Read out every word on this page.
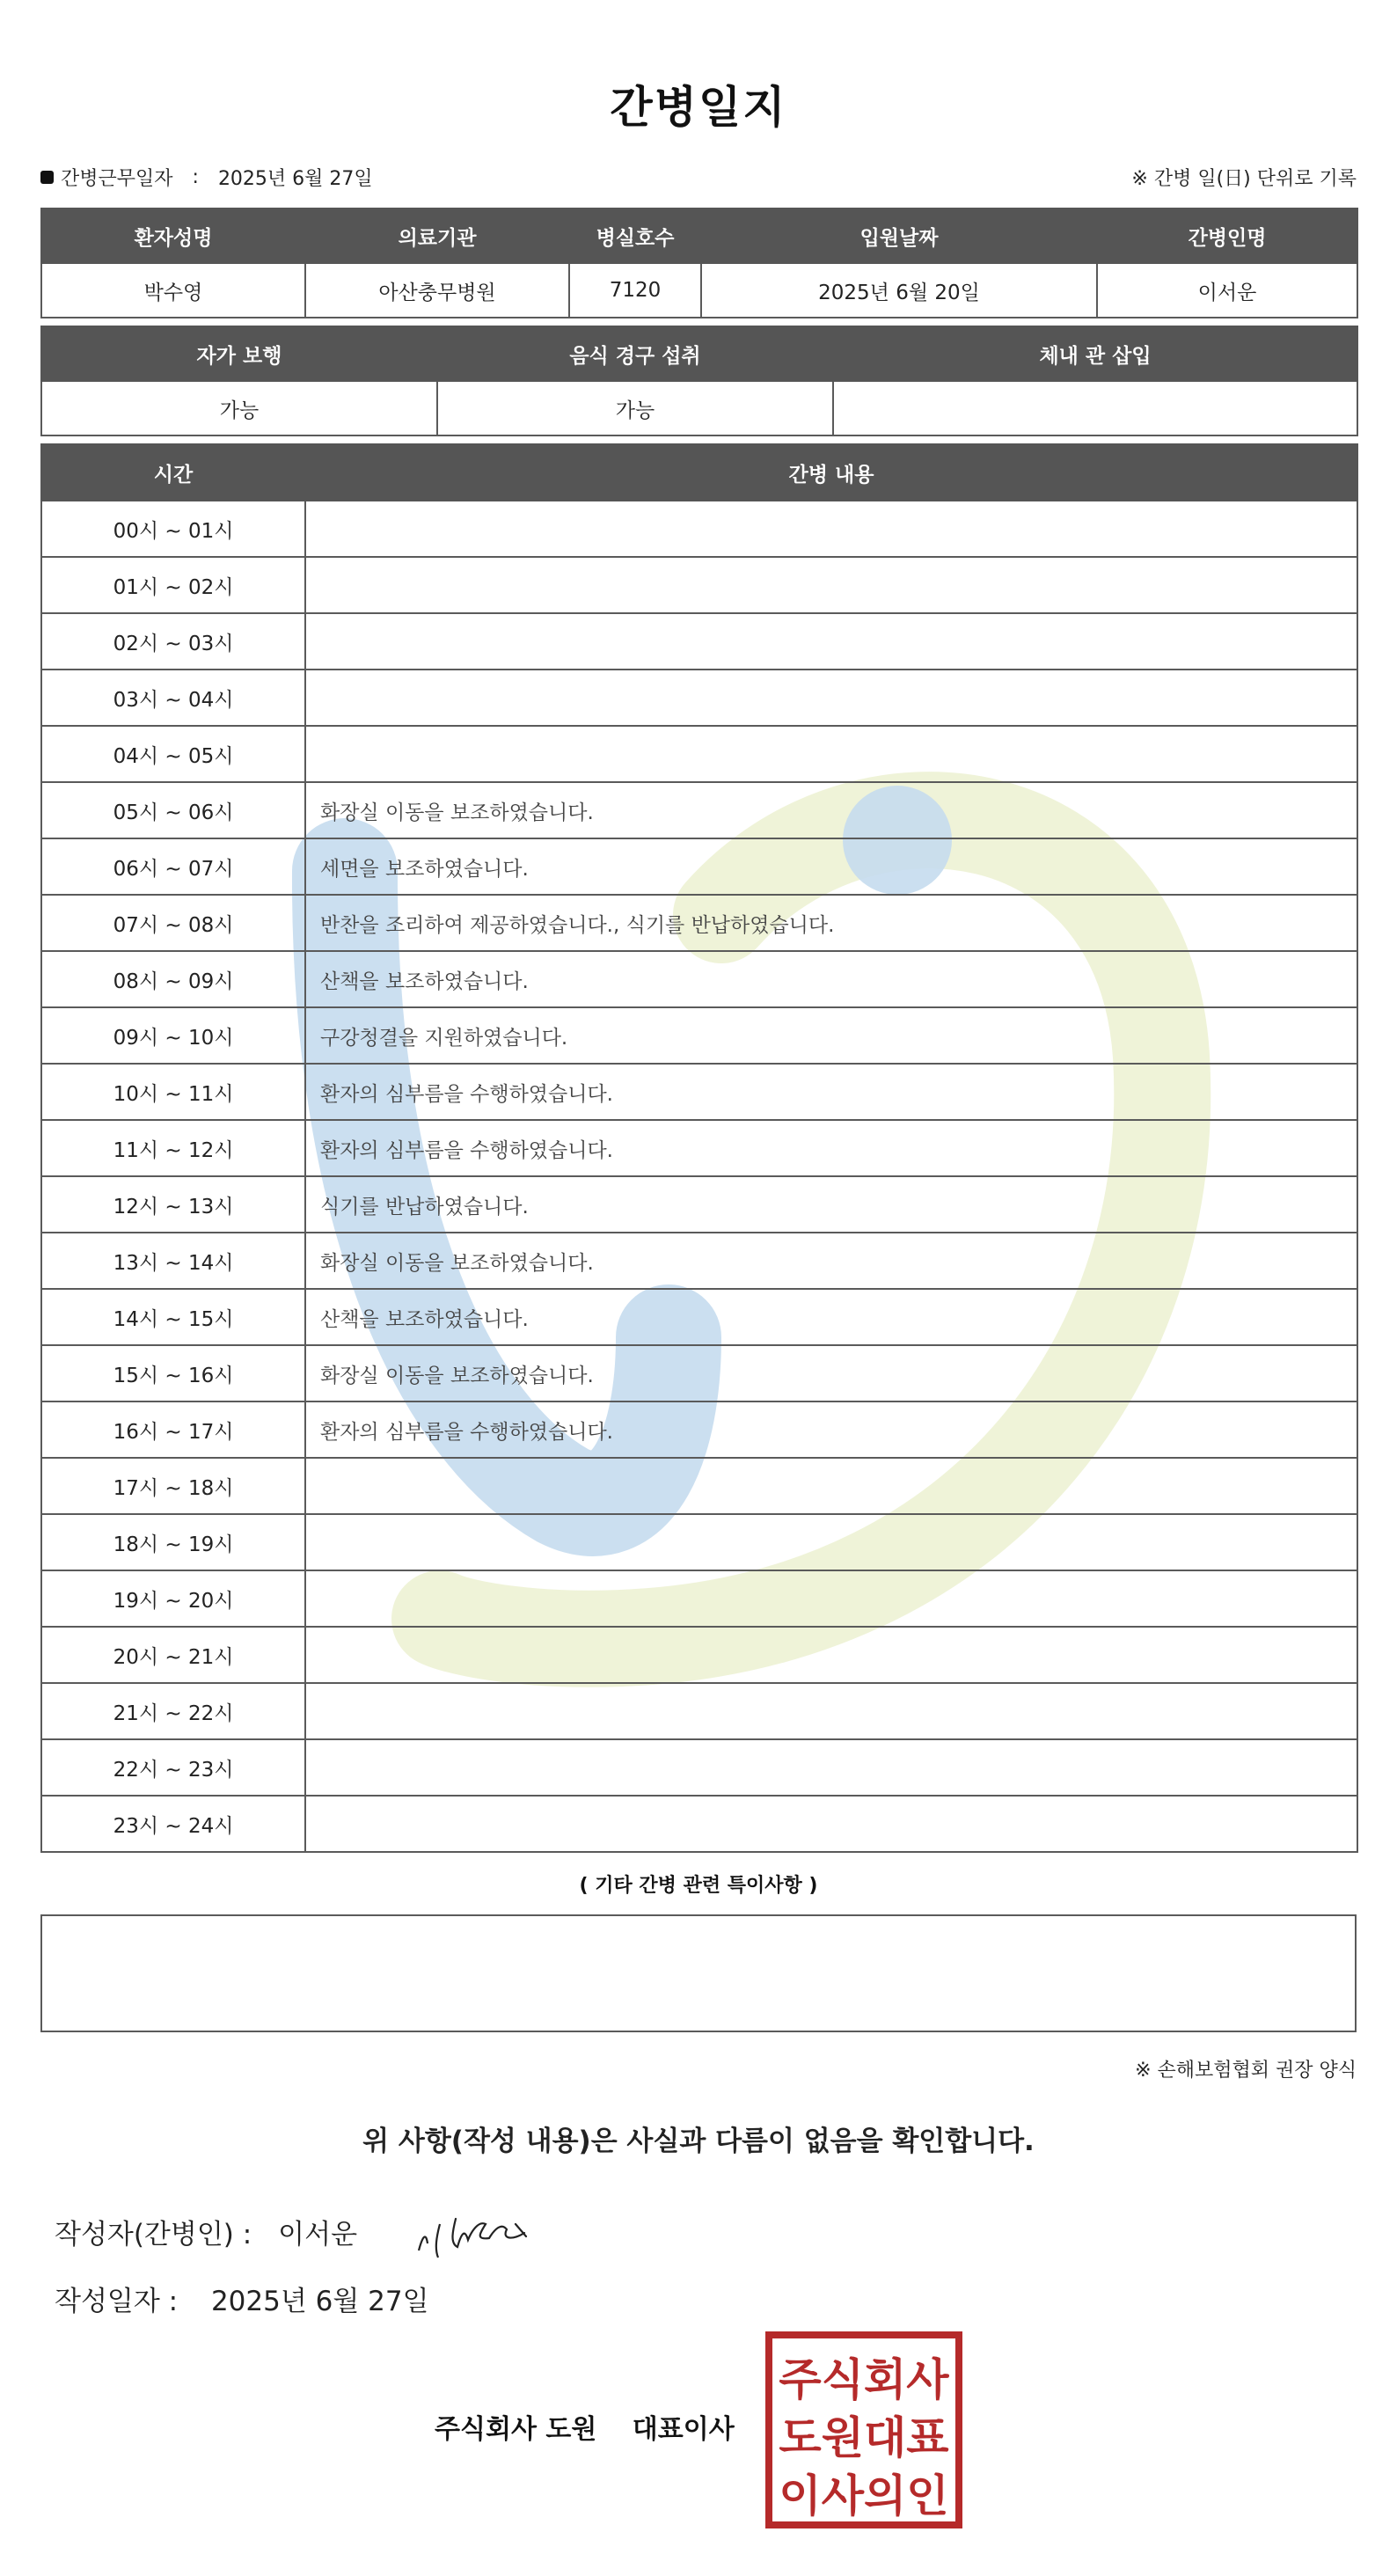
간병일지
간병근무일자 : 2025년 6월 27일	※ 간병 일(日) 단위로 기록
환자성명	의료기관	병실호수	입원날짜	간병인명
박수영	아산충무병원	7120	2025년 6월 20일	이서운
자가 보행	음식 경구 섭취	체내 관 삽입
가능	가능	
시간	간병 내용
00시 ~ 01시	
01시 ~ 02시	
02시 ~ 03시	
03시 ~ 04시	
04시 ~ 05시	
05시 ~ 06시	화장실 이동을 보조하였습니다.
06시 ~ 07시	세면을 보조하였습니다.
07시 ~ 08시	반찬을 조리하여 제공하였습니다., 식기를 반납하였습니다.
08시 ~ 09시	산책을 보조하였습니다.
09시 ~ 10시	구강청결을 지원하였습니다.
10시 ~ 11시	환자의 심부름을 수행하였습니다.
11시 ~ 12시	환자의 심부름을 수행하였습니다.
12시 ~ 13시	식기를 반납하였습니다.
13시 ~ 14시	화장실 이동을 보조하였습니다.
14시 ~ 15시	산책을 보조하였습니다.
15시 ~ 16시	화장실 이동을 보조하였습니다.
16시 ~ 17시	환자의 심부름을 수행하였습니다.
17시 ~ 18시	
18시 ~ 19시	
19시 ~ 20시	
20시 ~ 21시	
21시 ~ 22시	
22시 ~ 23시	
23시 ~ 24시	
( 기타 간병 관련 특이사항 )
※ 손해보험협회 권장 양식
위 사항(작성 내용)은 사실과 다름이 없음을 확인합니다.
작성자(간병인) : 이서운
작성일자 : 2025년 6월 27일
주식회사 도원 대표이사
주식회사
도원대표
이사의인
